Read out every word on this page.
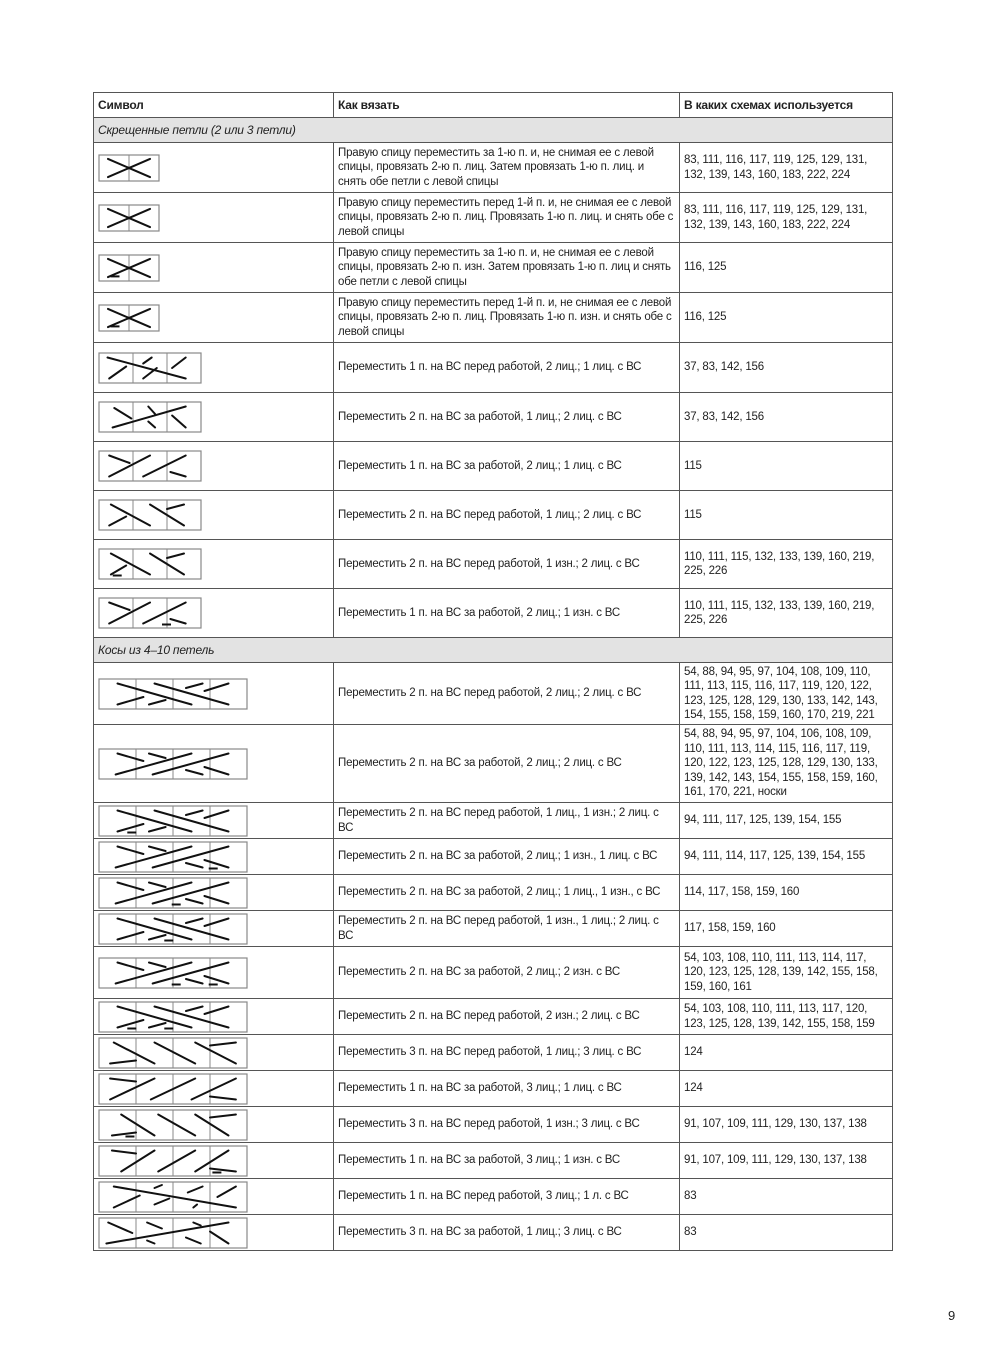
Символ	Как вязать	В каких схемах используется
Скрещенные петли (2 или 3 петли)		

	Правую спицу переместить за 1-ю п. и, не снимая ее с левой спицы, провязать 2-ю п. лиц. Затем провязать 1-ю п. лиц. и снять обе петли с левой спицы	83, 111, 116, 117, 119, 125, 129, 131, 132, 139, 143, 160, 183, 222, 224

	Правую спицу переместить перед 1-й п. и, не снимая ее с левой спицы, провязать 2-ю п. лиц. Провязать 1-ю п. лиц. и снять обе с левой спицы	83, 111, 116, 117, 119, 125, 129, 131, 132, 139, 143, 160, 183, 222, 224

	Правую спицу переместить за 1-ю п. и, не снимая ее с левой спицы, провязать 2-ю п. изн. Затем провязать 1-ю п. лиц и снять обе петли с левой спицы	116, 125

	Правую спицу переместить перед 1-й п. и, не снимая ее с левой спицы, провязать 2-ю п. лиц. Провязать 1-ю п. изн. и снять обе с левой спицы	116, 125

	Переместить 1 п. на ВС перед работой, 2 лиц.; 1 лиц. с ВС	37, 83, 142, 156

	Переместить 2 п. на ВС за работой, 1 лиц.; 2 лиц. с ВС	37, 83, 142, 156

	Переместить 1 п. на ВС за работой, 2 лиц.; 1 лиц. с ВС	115

	Переместить 2 п. на ВС перед работой, 1 лиц.; 2 лиц. с ВС	115

	Переместить 2 п. на ВС перед работой, 1 изн.; 2 лиц. с ВС	110, 111, 115, 132, 133, 139, 160, 219, 225, 226

	Переместить 1 п. на ВС за работой, 2 лиц.; 1 изн. с ВС	110, 111, 115, 132, 133, 139, 160, 219, 225, 226
Косы из 4–10 петель		

	Переместить 2 п. на ВС перед работой, 2 лиц.; 2 лиц. с ВС	54, 88, 94, 95, 97, 104, 108, 109, 110, 111, 113, 115, 116, 117, 119, 120, 122, 123, 125, 128, 129, 130, 133, 142, 143, 154, 155, 158, 159, 160, 170, 219, 221

	Переместить 2 п. на ВС за работой, 2 лиц.; 2 лиц. с ВС	54, 88, 94, 95, 97, 104, 106, 108, 109, 110, 111, 113, 114, 115, 116, 117, 119, 120, 122, 123, 125, 128, 129, 130, 133, 139, 142, 143, 154, 155, 158, 159, 160, 161, 170, 221, носки

	Переместить 2 п. на ВС перед работой, 1 лиц., 1 изн.; 2 лиц. с ВС	94, 111, 117, 125, 139, 154, 155

	Переместить 2 п. на ВС за работой, 2 лиц.; 1 изн., 1 лиц. с ВС	94, 111, 114, 117, 125, 139, 154, 155

	Переместить 2 п. на ВС за работой, 2 лиц.; 1 лиц., 1 изн., с ВС	114, 117, 158, 159, 160

	Переместить 2 п. на ВС перед работой, 1 изн., 1 лиц.; 2 лиц. с ВС	117, 158, 159, 160

	Переместить 2 п. на ВС за работой, 2 лиц.; 2 изн. с ВС	54, 103, 108, 110, 111, 113, 114, 117, 120, 123, 125, 128, 139, 142, 155, 158, 159, 160, 161

	Переместить 2 п. на ВС перед работой, 2 изн.; 2 лиц. с ВС	54, 103, 108, 110, 111, 113, 117, 120, 123, 125, 128, 139, 142, 155, 158, 159

	Переместить 3 п. на ВС перед работой, 1 лиц.; 3 лиц. с ВС	124

	Переместить 1 п. на ВС за работой, 3 лиц.; 1 лиц. с ВС	124

	Переместить 3 п. на ВС перед работой, 1 изн.; 3 лиц. с ВС	91, 107, 109, 111, 129, 130, 137, 138

	Переместить 1 п. на ВС за работой, 3 лиц.; 1 изн. с ВС	91, 107, 109, 111, 129, 130, 137, 138

	Переместить 1 п. на ВС перед работой, 3 лиц.; 1 л. с ВС	83

	Переместить 3 п. на ВС за работой, 1 лиц.; 3 лиц. с ВС	83
9
